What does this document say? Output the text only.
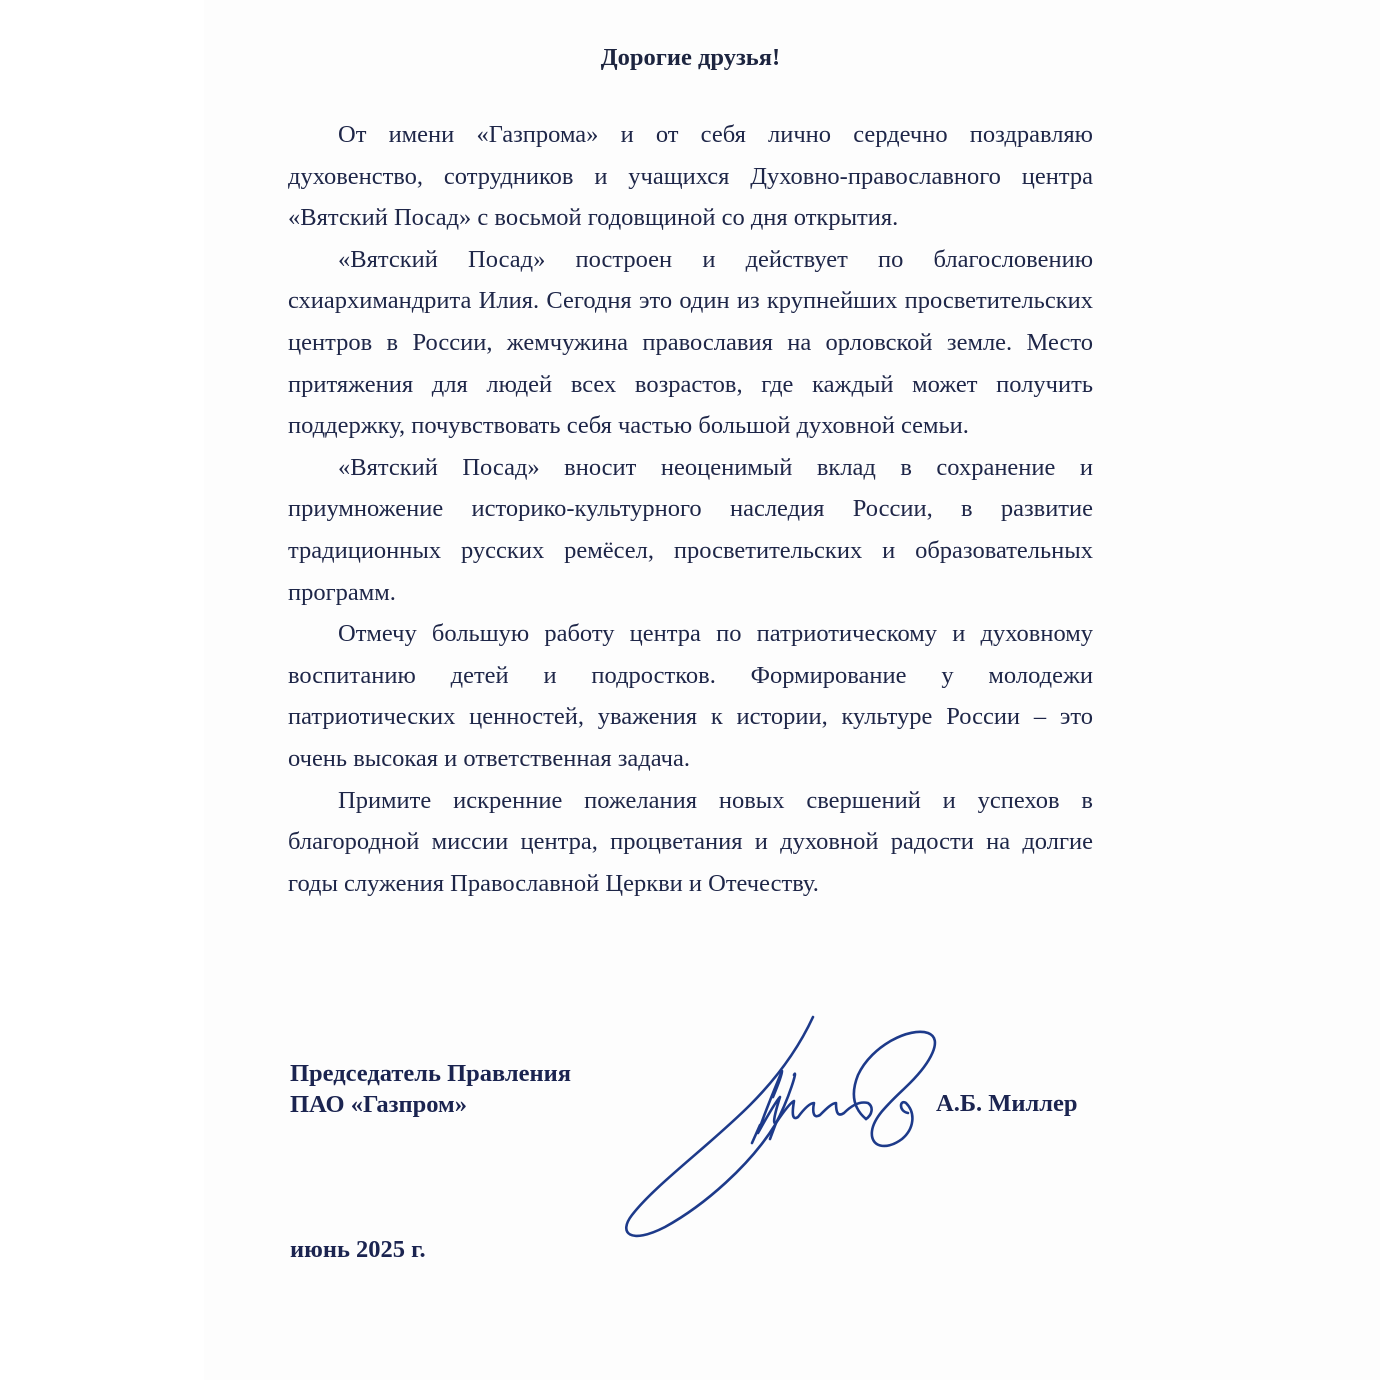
Дорогие друзья!

От имени «Газпрома» и от себя лично сердечно поздравляю духовенство, сотрудников и учащихся Духовно-православного центра «Вятский Посад» с восьмой годовщиной со дня открытия.

«Вятский Посад» построен и действует по благословению схиархимандрита Илия. Сегодня это один из крупнейших просветительских центров в России, жемчужина православия на орловской земле. Место притяжения для людей всех возрастов, где каждый может получить поддержку, почувствовать себя частью большой духовной семьи.

«Вятский Посад» вносит неоценимый вклад в сохранение и приумножение историко-культурного наследия России, в развитие традиционных русских ремёсел, просветительских и образовательных программ.

Отмечу большую работу центра по патриотическому и духовному воспитанию детей и подростков. Формирование у молодежи патриотических ценностей, уважения к истории, культуре России – это очень высокая и ответственная задача.

Примите искренние пожелания новых свершений и успехов в благородной миссии центра, процветания и духовной радости на долгие годы служения Православной Церкви и Отечеству.

Председатель Правления
ПАО «Газпром»	А.Б. Миллер
июнь 2025 г.
